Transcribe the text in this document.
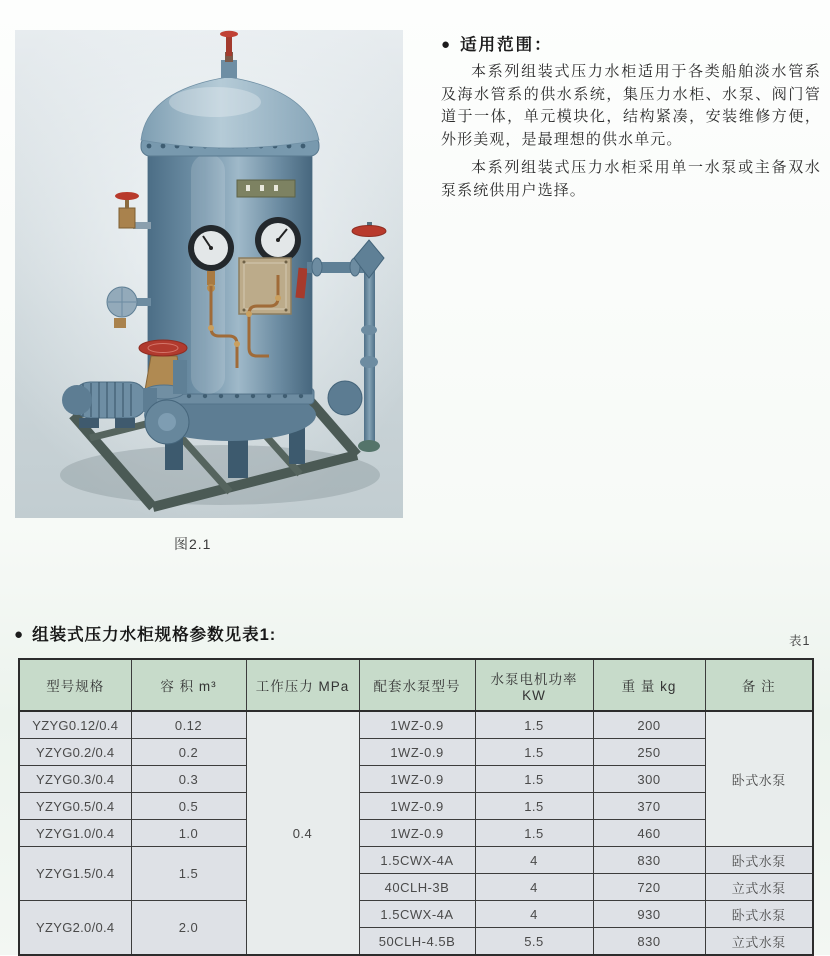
图2.1
● 适用范围：

本系列组装式压力水柜适用于各类船舶淡水管系及海水管系的供水系统，集压力水柜、水泵、阀门管道于一体，单元模块化，结构紧凑，安装维修方便，外形美观，是最理想的供水单元。

本系列组装式压力水柜采用单一水泵或主备双水泵系统供用户选择。

● 组装式压力水柜规格参数见表1:	表1
型号规格	容 积 m³	工作压力 MPa	配套水泵型号	水泵电机功率 KW	重 量 kg	备 注
YZYG0.12/0.4	0.12	0.4	1WZ-0.9	1.5	200	卧式水泵
YZYG0.2/0.4	0.2		1WZ-0.9	1.5	250	
YZYG0.3/0.4	0.3		1WZ-0.9	1.5	300	
YZYG0.5/0.4	0.5		1WZ-0.9	1.5	370	
YZYG1.0/0.4	1.0		1WZ-0.9	1.5	460	
YZYG1.5/0.4	1.5		1.5CWX-4A	4	830	卧式水泵
			40CLH-3B	4	720	立式水泵
YZYG2.0/0.4	2.0		1.5CWX-4A	4	930	卧式水泵
			50CLH-4.5B	5.5	830	立式水泵
